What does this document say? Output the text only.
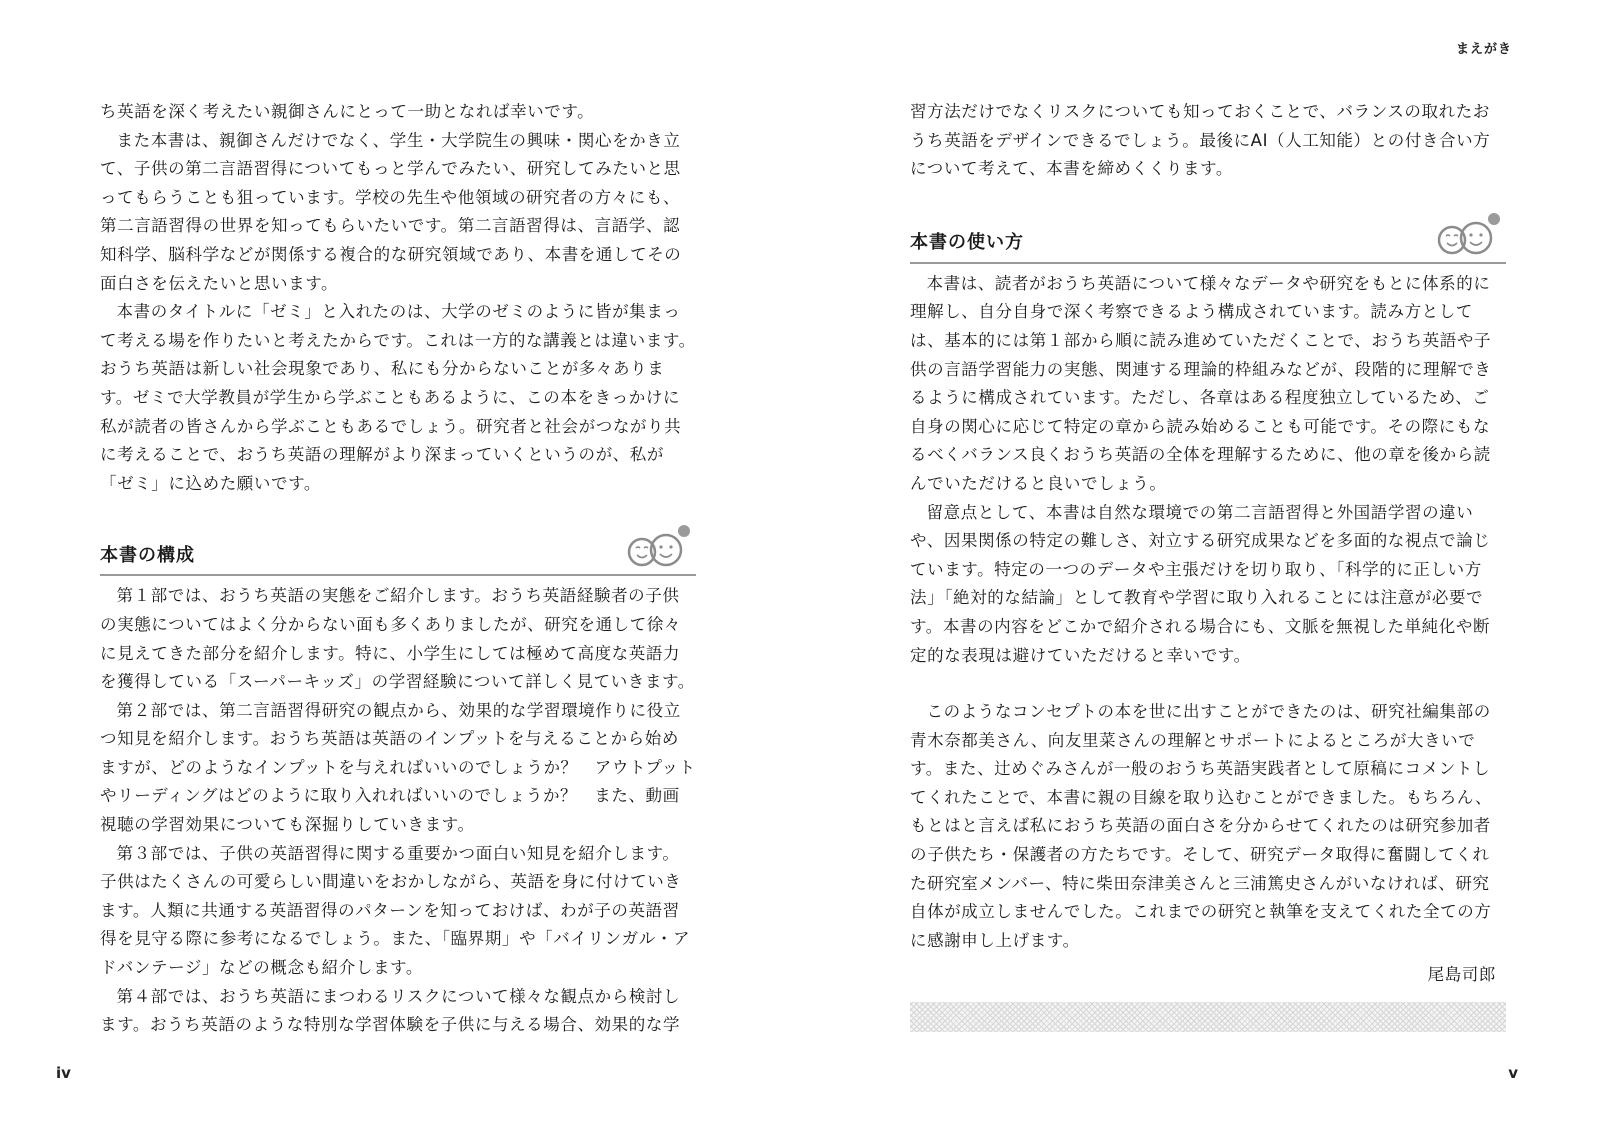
ち英語を深く考えたい親御さんにとって一助となれば幸いです。

また本書は、親御さんだけでなく、学生・大学院生の興味・関心をかき立て、子供の第二言語習得についてもっと学んでみたい、研究してみたいと思ってもらうことも狙っています。学校の先生や他領域の研究者の方々にも、第二言語習得の世界を知ってもらいたいです。第二言語習得は、言語学、認知科学、脳科学などが関係する複合的な研究領域であり、本書を通してその面白さを伝えたいと思います。

本書のタイトルに「ゼミ」と入れたのは、大学のゼミのように皆が集まって考える場を作りたいと考えたからです。これは一方的な講義とは違います。おうち英語は新しい社会現象であり、私にも分からないことが多々あります。ゼミで大学教員が学生から学ぶこともあるように、この本をきっかけに私が読者の皆さんから学ぶこともあるでしょう。研究者と社会がつながり共に考えることで、おうち英語の理解がより深まっていくというのが、私が「ゼミ」に込めた願いです。

本書の構成

第１部では、おうち英語の実態をご紹介します。おうち英語経験者の子供の実態についてはよく分からない面も多くありましたが、研究を通して徐々に見えてきた部分を紹介します。特に、小学生にしては極めて高度な英語力を獲得している「スーパーキッズ」の学習経験について詳しく見ていきます。

第２部では、第二言語習得研究の観点から、効果的な学習環境作りに役立つ知見を紹介します。おうち英語は英語のインプットを与えることから始めますが、どのようなインプットを与えればいいのでしょうか？　アウトプットやリーディングはどのように取り入れればいいのでしょうか？　また、動画視聴の学習効果についても深掘りしていきます。

第３部では、子供の英語習得に関する重要かつ面白い知見を紹介します。子供はたくさんの可愛らしい間違いをおかしながら、英語を身に付けていきます。人類に共通する英語習得のパターンを知っておけば、わが子の英語習得を見守る際に参考になるでしょう。また、「臨界期」や「バイリンガル・アドバンテージ」などの概念も紹介します。

第４部では、おうち英語にまつわるリスクについて様々な観点から検討します。おうち英語のような特別な学習体験を子供に与える場合、効果的な学

iv
まえがき

習方法だけでなくリスクについても知っておくことで、バランスの取れたおうち英語をデザインできるでしょう。最後にAI（人工知能）との付き合い方について考えて、本書を締めくくります。

本書の使い方

本書は、読者がおうち英語について様々なデータや研究をもとに体系的に理解し、自分自身で深く考察できるよう構成されています。読み方としては、基本的には第１部から順に読み進めていただくことで、おうち英語や子供の言語学習能力の実態、関連する理論的枠組みなどが、段階的に理解できるように構成されています。ただし、各章はある程度独立しているため、ご自身の関心に応じて特定の章から読み始めることも可能です。その際にもなるべくバランス良くおうち英語の全体を理解するために、他の章を後から読んでいただけると良いでしょう。

留意点として、本書は自然な環境での第二言語習得と外国語学習の違いや、因果関係の特定の難しさ、対立する研究成果などを多面的な視点で論じています。特定の一つのデータや主張だけを切り取り、「科学的に正しい方法」「絶対的な結論」として教育や学習に取り入れることには注意が必要です。本書の内容をどこかで紹介される場合にも、文脈を無視した単純化や断定的な表現は避けていただけると幸いです。

このようなコンセプトの本を世に出すことができたのは、研究社編集部の青木奈都美さん、向友里菜さんの理解とサポートによるところが大きいです。また、辻めぐみさんが一般のおうち英語実践者として原稿にコメントしてくれたことで、本書に親の目線を取り込むことができました。もちろん、もとはと言えば私におうち英語の面白さを分からせてくれたのは研究参加者の子供たち・保護者の方たちです。そして、研究データ取得に奮闘してくれた研究室メンバー、特に柴田奈津美さんと三浦篤史さんがいなければ、研究自体が成立しませんでした。これまでの研究と執筆を支えてくれた全ての方に感謝申し上げます。

尾島司郎
v
